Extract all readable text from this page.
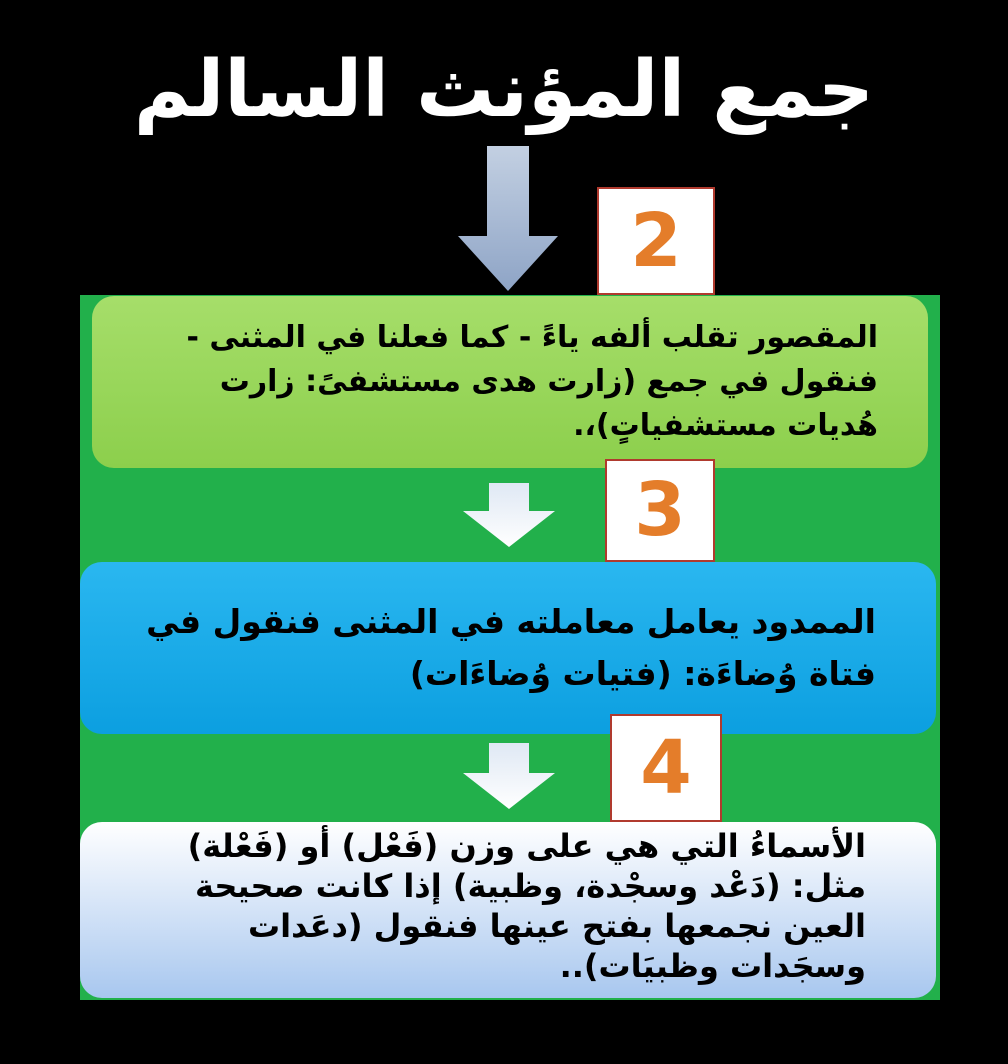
جمع المؤنث السالم
2
المقصور تقلب ألفه ياءً - كما فعلنا في المثنى - فنقول في جمع (زارت هدى مستشفىً: زارت هُديات مستشفياتٍ)،.
3
الممدود يعامل معاملته في المثنى فنقول في فتاة وُضاءَة: (فتيات وُضاءَات)
4
الأسماءُ التي هي على وزن (فَعْل) أو (فَعْلة) مثل: (دَعْد وسجْدة، وظبية) إذا كانت صحيحة العين نجمعها بفتح عينها فنقول (دعَدات وسجَدات وظبيَات)..
